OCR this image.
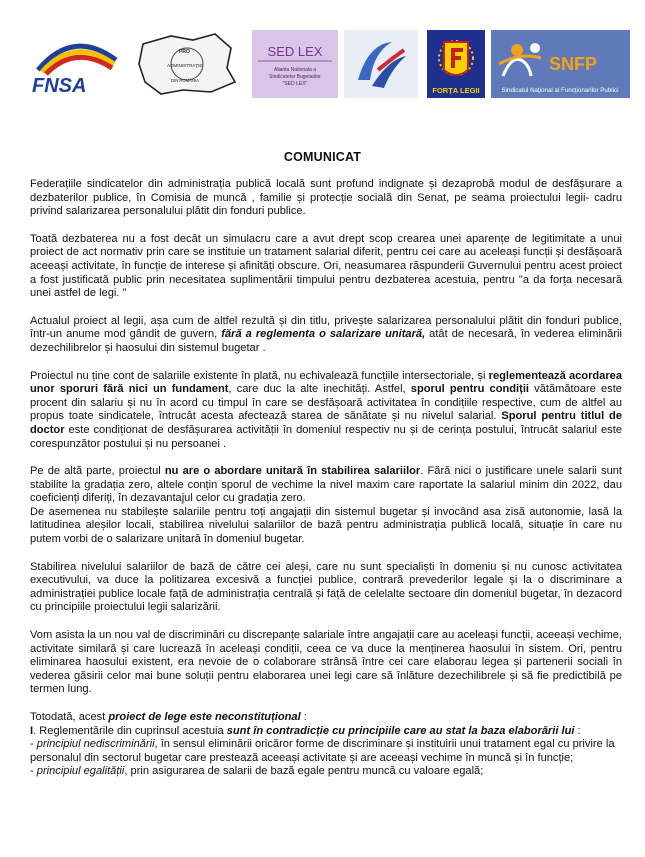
FNSA
PRO
ADMINISTRAŢIE
DIN ROMÂNIA
SED LEX
Alianta Nationala a
Sindicatelor Bugetarilor
"SED LEX"
FORȚA LEGII
SNFP
Sindicatul Naţional al Funcţionarilor Publici
COMUNICAT

Federațiile sindicatelor din administrația publică locală sunt profund indignate și dezaprobă modul de desfășurare a dezbaterilor publice, în Comisia de muncă , familie și protecție socială din Senat, pe seama proiectului legii- cadru privind salarizarea personalului plătit din fonduri publice.

Toată dezbaterea nu a fost decât un simulacru care a avut drept scop crearea unei aparențe de legitimitate a unui proiect de act normativ prin care se instituie un tratament salarial diferit, pentru cei care au aceleași funcții și desfășoară aceeași activitate, în funcție de interese și afinități obscure. Ori, neasumarea răspunderii Guvernului pentru acest proiect a fost justificată public prin necesitatea suplimentării timpului pentru dezbaterea acestuia, pentru "a da forța necesară unei astfel de legi. "

Actualul proiect al legii, așa cum de altfel rezultă și din titlu, privește salarizarea personalului plătit din fonduri publice, într-un anume mod gândit de guvern, fără a reglementa o salarizare unitară, atât de necesară, în vederea eliminării dezechilibrelor și haosului din sistemul bugetar .

Proiectul nu ține cont de salariile existente în plată, nu echivalează funcțiile intersectoriale, și reglementează acordarea unor sporuri fără nici un fundament, care duc la alte inechități. Astfel, sporul pentru condiții vătămătoare este procent din salariu și nu în acord cu timpul în care se desfășoară activitatea în condițiile respective, cum de altfel au propus toate sindicatele, întrucât acesta afectează starea de sănătate și nu nivelul salarial. Sporul pentru titlul de doctor este condiționat de desfășurarea activității în domeniul respectiv nu și de cerința postului, întrucât salariul este corespunzător postului și nu persoanei .

Pe de altă parte, proiectul nu are o abordare unitară în stabilirea salariilor. Fără nici o justificare unele salarii sunt stabilite la gradația zero, altele conțin sporul de vechime la nivel maxim care raportate la salariul minim din 2022, dau coeficienți diferiți, în dezavantajul celor cu gradația zero.

De asemenea nu stabilește salariile pentru toți angajații din sistemul bugetar și invocând asa zisă autonomie, lasă la latitudinea aleșilor locali, stabilirea nivelului salariilor de bază pentru administrația publică locală, situație în care nu putem vorbi de o salarizare unitară în domeniul bugetar.

Stabilirea nivelului salariilor de bază de către cei aleși, care nu sunt specialiști în domeniu și nu cunosc activitatea executivului, va duce la politizarea excesivă a funcției publice, contrară prevederilor legale și la o discriminare a administrației publice locale față de administrația centrală și față de celelalte sectoare din domeniul bugetar, în dezacord cu principiile proiectului legii salarizării.

Vom asista la un nou val de discriminări cu discrepanțe salariale între angajații care au aceleași funcții, aceeași vechime, activitate similară și care lucrează în aceleași condiții, ceea ce va duce la menținerea haosului în sistem. Ori, pentru eliminarea haosului existent, era nevoie de o colaborare strânsă între cei care elaborau legea și partenerii sociali în vederea găsirii celor mai bune soluții pentru elaborarea unei legi care să înlăture dezechilibrele și să fie predictibilă pe termen lung.

Totodată, acest proiect de lege este neconstituțional :

I. Reglementările din cuprinsul acestuia sunt în contradicție cu principiile care au stat la baza elaborării lui :

- principiul nediscriminării, în sensul eliminării oricăror forme de discriminare și instituirii unui tratament egal cu privire la personalul din sectorul bugetar care prestează aceeași activitate și are aceeași vechime în muncă și în funcție;

- principiul egalității, prin asigurarea de salarii de bază egale pentru muncă cu valoare egală;
